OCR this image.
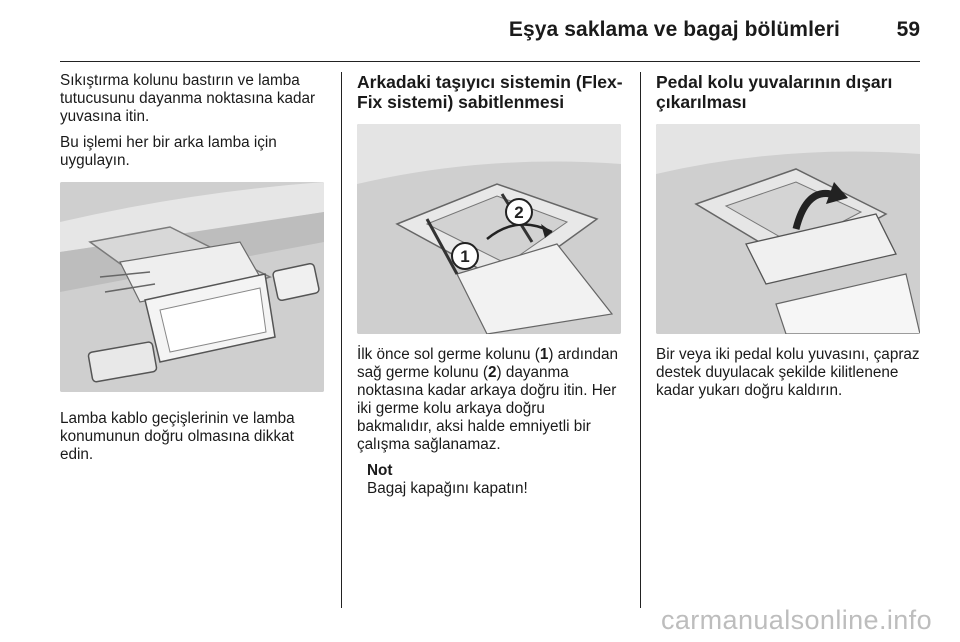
Eşya saklama ve bagaj bölümleri	59

Sıkıştırma kolunu bastırın ve lamba tutucusunu dayanma noktasına kadar yuvasına itin.

Bu işlemi her bir arka lamba için uygulayın.

Lamba kablo geçişlerinin ve lamba konumunun doğru olmasına dikkat edin.

Arkadaki taşıyıcı sistemin (Flex-Fix sistemi) sabitlenmesi
1
2

İlk önce sol germe kolunu (1) ardından sağ germe kolunu (2) dayanma noktasına kadar arkaya doğru itin. Her iki germe kolu arkaya doğru bakmalıdır, aksi halde emniyetli bir çalışma sağlanamaz.

Not
Bagaj kapağını kapatın!
Pedal kolu yuvalarının dışarı çıkarılması

Bir veya iki pedal kolu yuvasını, çapraz destek duyulacak şekilde kilitlenene kadar yukarı doğru kaldırın.

carmanualsonline.info
